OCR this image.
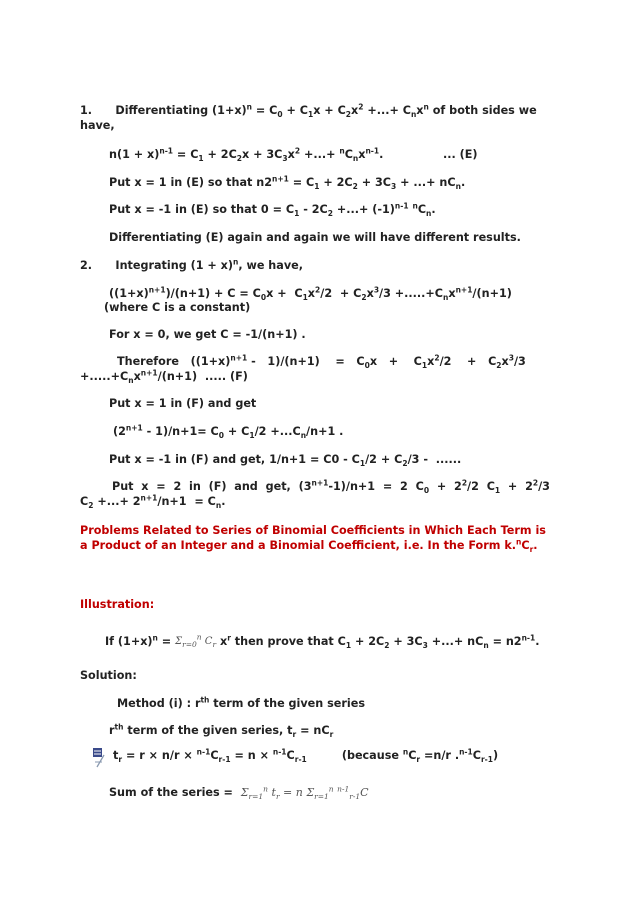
1. Differentiating $(1+x)^n = C_0 + C_1x + C_2x^2$ +...+ $C_nx^n$ of both sides we
have,
$n(1 + x)^{n-1} = C_1 + 2C_2x + 3C_3x^2$ +...+ $^nC_nx^{n-1}$.	... (E)
Put x = 1 in (E) so that $n2^{n+1} = C_1 + 2C_2 + 3C_3$ + ...+ $nC_n$.
Put x = -1 in (E) so that $0 = C_1 - 2C_2$ +...+ $(-1)^{n-1}$ $^nC_n$.
Differentiating (E) again and again we will have different results.
2. Integrating $(1 + x)^n$, we have,
$((1+x)^{n+1})/(n+1) + C = C_0x + C_1x^2/2 + C_2x^3/3 +.....+C_nx^{n+1}/(n+1)$
(where C is a constant)
For x = 0, we get C = -1/(n+1) .
Therefore   $((1+x)^{n+1} - 1)/(n+1)$    =   $C_0x$   +    $C_1x^2/2$    +   $C_2x^3/3$
$+.....+C_nx^{n+1}/(n+1)$  ..... (F)
Put x = 1 in (F) and get
$(2^{n+1} - 1)/n+1= C_0 + C_1/2 +...C_n/n+1$ .
Put x = -1 in (F) and get, $1/n+1 = C0 - C_1/2 + C_2/3$ -  ......
Put  x  =  2  in  (F)  and  get,  $(3^{n+1}-1)/n+1 = 2$  $C_0 + 2^2/2$  $C_1 + 2^2/3$
$C_2$ +...+ $2^{n+1}/n+1 = C_n$.
Problems Related to Series of Binomial Coefficients in Which Each Term is a Product of an Integer and a Binomial Coefficient, i.e. In the Form $k.^nC_r$.
Illustration:
If $(1+x)^n = \Sigma_{r=0}^n$ $C_r$ $x^r$ then prove that $C_1 + 2C_2 + 3C_3$ +...+ $nC_n = n2^{n-1}$.
Solution:
Method (i) : $r^{th}$ term of the given series
$r^{th}$ term of the given series, $t_r = nC_r$
$t_r = r \times n/r \times ^{n-1}C_{r-1} = n \times ^{n-1}C_{r-1}$         (because $^nC_r =n/r$ $.^{n-1}C_{r-1}$)
Sum of the series = $\Sigma_{r=1}^n$ $t_r = n$ $\Sigma_{r=1}^n$ $^{n-1}_{r-1}$C
